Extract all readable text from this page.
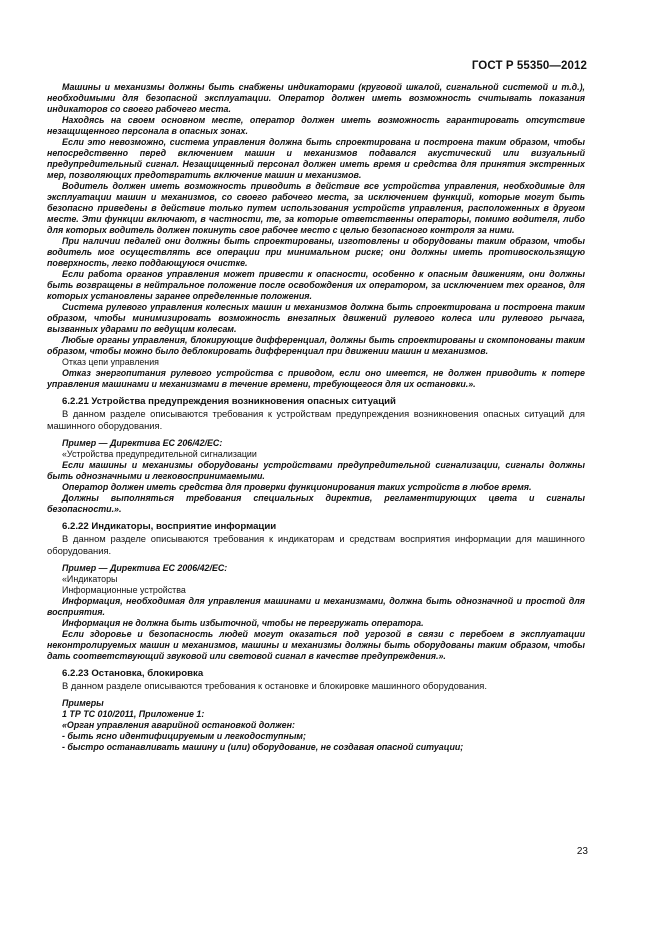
ГОСТ Р 55350—2012
Машины и механизмы должны быть снабжены индикаторами (круговой шкалой, сигнальной системой и т.д.), необходимыми для безопасной эксплуатации. Оператор должен иметь возможность считывать показания индикаторов со своего рабочего места.
Находясь на своем основном месте, оператор должен иметь возможность гарантировать отсутствие незащищенного персонала в опасных зонах.
Если это невозможно, система управления должна быть спроектирована и построена таким образом, чтобы непосредственно перед включением машин и механизмов подавался акустический или визуальный предупредительный сигнал. Незащищенный персонал должен иметь время и средства для принятия экстренных мер, позволяющих предотвратить включение машин и механизмов.
Водитель должен иметь возможность приводить в действие все устройства управления, необходимые для эксплуатации машин и механизмов, со своего рабочего места, за исключением функций, которые могут быть безопасно приведены в действие только путем использования устройств управления, расположенных в другом месте. Эти функции включают, в частности, те, за которые ответственны операторы, помимо водителя, либо для которых водитель должен покинуть свое рабочее место с целью безопасного контроля за ними.
При наличии педалей они должны быть спроектированы, изготовлены и оборудованы таким образом, чтобы водитель мог осуществлять все операции при минимальном риске; они должны иметь противоскользящую поверхность, легко поддающуюся очистке.
Если работа органов управления может привести к опасности, особенно к опасным движениям, они должны быть возвращены в нейтральное положение после освобождения их оператором, за исключением тех органов, для которых установлены заранее определенные положения.
Система рулевого управления колесных машин и механизмов должна быть спроектирована и построена таким образом, чтобы минимизировать возможность внезапных движений рулевого колеса или рулевого рычага, вызванных ударами по ведущим колесам.
Любые органы управления, блокирующие дифференциал, должны быть спроектированы и скомпонованы таким образом, чтобы можно было деблокировать дифференциал при движении машин и механизмов.
Отказ цепи управления
Отказ энергопитания рулевого устройства с приводом, если оно имеется, не должен приводить к потере управления машинами и механизмами в течение времени, требующегося для их остановки.».
6.2.21 Устройства предупреждения возникновения опасных ситуаций
В данном разделе описываются требования к устройствам предупреждения возникновения опасных ситуаций для машинного оборудования.
Пример — Директива ЕС 206/42/ЕС:
«Устройства предупредительной сигнализации
Если машины и механизмы оборудованы устройствами предупредительной сигнализации, сигналы должны быть однозначными и легковоспринимаемыми.
Оператор должен иметь средства для проверки функционирования таких устройств в любое время.
Должны выполняться требования специальных директив, регламентирующих цвета и сигналы безопасности.».
6.2.22 Индикаторы, восприятие информации
В данном разделе описываются требования к индикаторам и средствам восприятия информации для машинного оборудования.
Пример — Директива ЕС 2006/42/ЕС:
«Индикаторы
Информационные устройства
Информация, необходимая для управления машинами и механизмами, должна быть однозначной и простой для восприятия.
Информация не должна быть избыточной, чтобы не перегружать оператора.
Если здоровье и безопасность людей могут оказаться под угрозой в связи с перебоем в эксплуатации неконтролируемых машин и механизмов, машины и механизмы должны быть оборудованы таким образом, чтобы дать соответствующий звуковой или световой сигнал в качестве предупреждения.».
6.2.23 Остановка, блокировка
В данном разделе описываются требования к остановке и блокировке машинного оборудования.
Примеры
1 ТР ТС 010/2011, Приложение 1:
«Орган управления аварийной остановкой должен:
- быть ясно идентифицируемым и легкодоступным;
- быстро останавливать машину и (или) оборудование, не создавая опасной ситуации;
23
